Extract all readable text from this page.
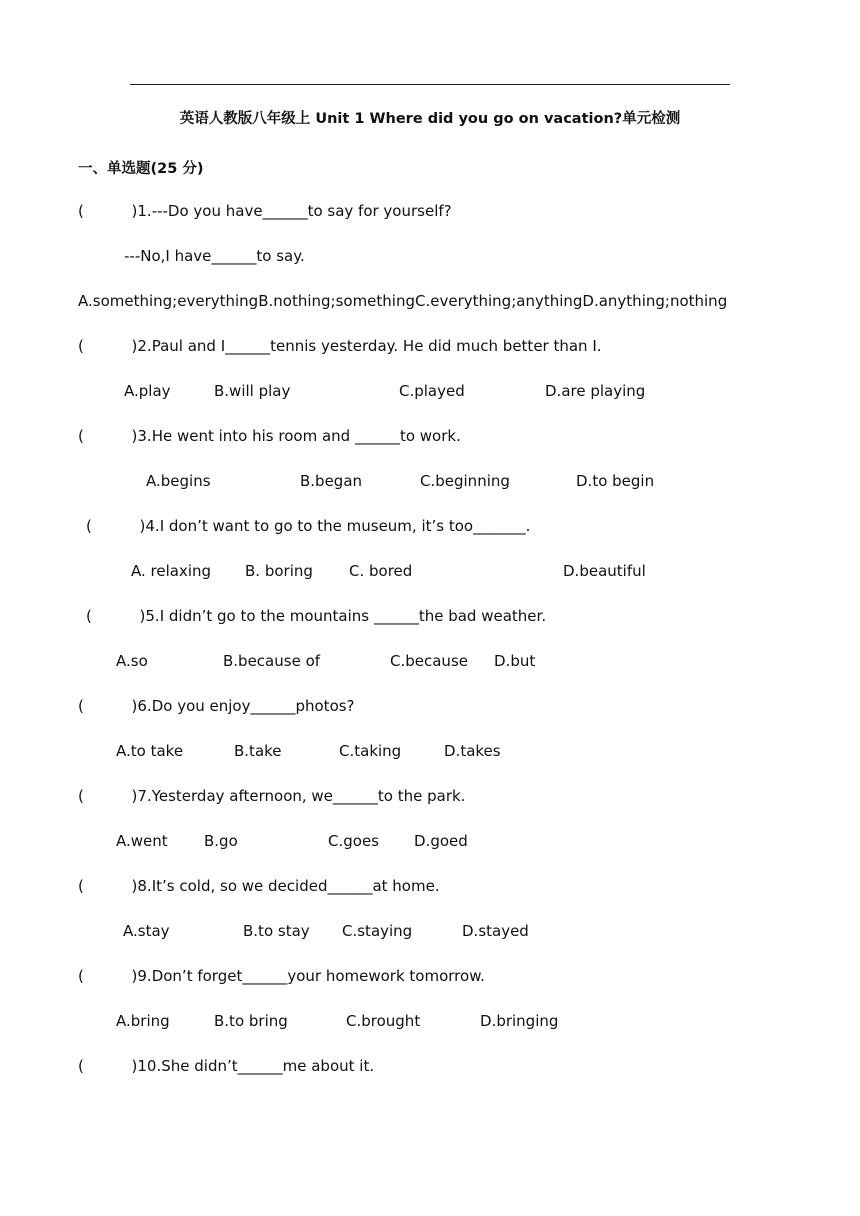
英语人教版八年级上 Unit 1 Where did you go on vacation?单元检测
一、单选题(25 分)
(          )1.---Do you have______to say for yourself?
---No,I have______to say.
A.something;everythingB.nothing;somethingC.everything;anythingD.anything;nothing
(          )2.Paul and I______tennis yesterday. He did much better than I.
A.play	B.will play	C.played	D.are playing
(          )3.He went into his room and ______to work.
A.begins	B.began	C.beginning	D.to begin
(          )4.I don’t want to go to the museum, it’s too_______.
A. relaxing B. boring C. bored	D.beautiful
(          )5.I didn’t go to the mountains ______the bad weather.
A.so	B.because of	C.because D.but
(          )6.Do you enjoy______photos?
A.to take	B.take	C.taking	D.takes
(          )7.Yesterday afternoon, we______to the park.
A.went B.go	C.goes D.goed
(          )8.It’s cold, so we decided______at home.
A.stay	B.to stay C.staying	D.stayed
(          )9.Don’t forget______your homework tomorrow.
A.bring	B.to bring	C.brought	D.bringing
(          )10.She didn’t______me about it.
